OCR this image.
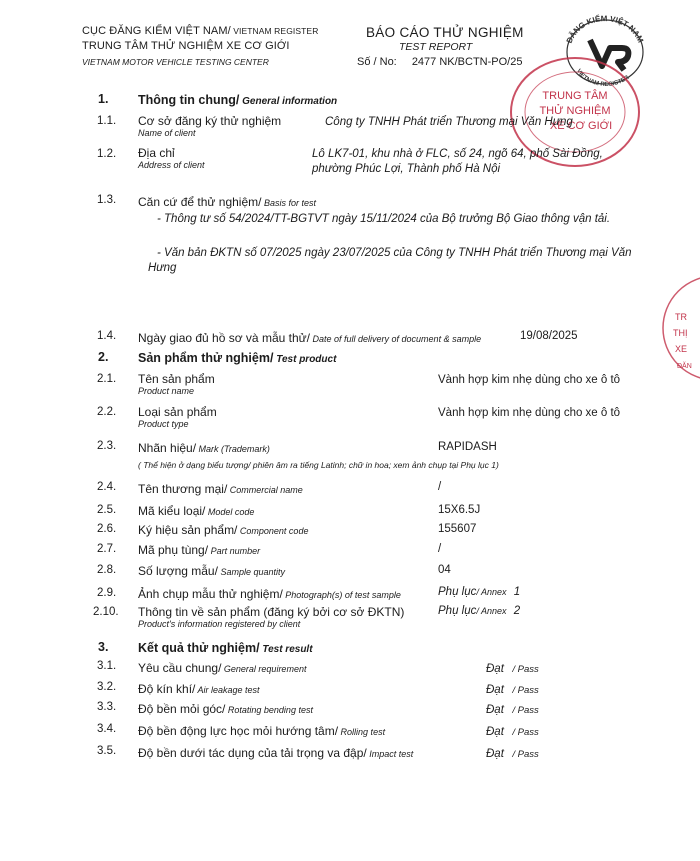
CỤC ĐĂNG KIỂM VIỆT NAM/ VIETNAM REGISTER
TRUNG TÂM THỬ NGHIỆM XE CƠ GIỚI
VIETNAM MOTOR VEHICLE TESTING CENTER
BÁO CÁO THỬ NGHIỆM
TEST REPORT
Số / No: 2477 NK/BCTN-PO/25
ĐĂNG KIỂM VIỆT NAM
VIETNAM REGISTER
TRUNG TÂM
THỬ NGHIỆM
XE CƠ GIỚI
TR
THỊ
XE
ĐĂN
1. Thông tin chung/ General information
1.1. Cơ sở đăng ký thử nghiệm
Name of client
Công ty TNHH Phát triển Thương mại Văn Hưng
1.2. Địa chỉ
Address of client
Lô LK7-01, khu nhà ở FLC, số 24, ngõ 64, phố Sài Đồng,
phường Phúc Lợi, Thành phố Hà Nội
1.3. Căn cứ để thử nghiệm/ Basis for test
- Thông tư số 54/2024/TT-BGTVT ngày 15/11/2024 của Bộ trưởng Bộ Giao thông vận tải.
- Văn bản ĐKTN số 07/2025 ngày 23/07/2025 của Công ty TNHH Phát triển Thương mại Văn
Hưng
1.4. Ngày giao đủ hồ sơ và mẫu thử/ Date of full delivery of document & sample	19/08/2025
2. Sản phẩm thử nghiệm/ Test product
2.1. Tên sản phẩm
Product name
Vành hợp kim nhẹ dùng cho xe ô tô
2.2. Loại sản phẩm
Product type
Vành hợp kim nhẹ dùng cho xe ô tô
2.3. Nhãn hiệu/ Mark (Trademark)	RAPIDASH
( Thể hiện ở dạng biểu tượng/ phiên âm ra tiếng Latinh; chữ in hoa; xem ảnh chụp tại Phụ lục 1)
2.4. Tên thương mại/ Commercial name	/
2.5. Mã kiểu loại/ Model code	15X6.5J
2.6. Ký hiệu sản phẩm/ Component code	155607
2.7. Mã phụ tùng/ Part number	/
2.8. Số lượng mẫu/ Sample quantity	04
2.9. Ảnh chụp mẫu thử nghiệm/ Photograph(s) of test sample	Phụ lục/ Annex 1
2.10. Thông tin về sản phẩm (đăng ký bởi cơ sở ĐKTN)
Product's information registered by client
Phụ lục/ Annex 2
3. Kết quả thử nghiệm/ Test result
3.1. Yêu cầu chung/ General requirement	Đạt / Pass
3.2. Độ kín khí/ Air leakage test	Đạt / Pass
3.3. Độ bền mỏi góc/ Rotating bending test	Đạt / Pass
3.4. Độ bền động lực học mỏi hướng tâm/ Rolling test	Đạt / Pass
3.5. Độ bền dưới tác dụng của tải trọng va đập/ Impact test	Đạt / Pass
